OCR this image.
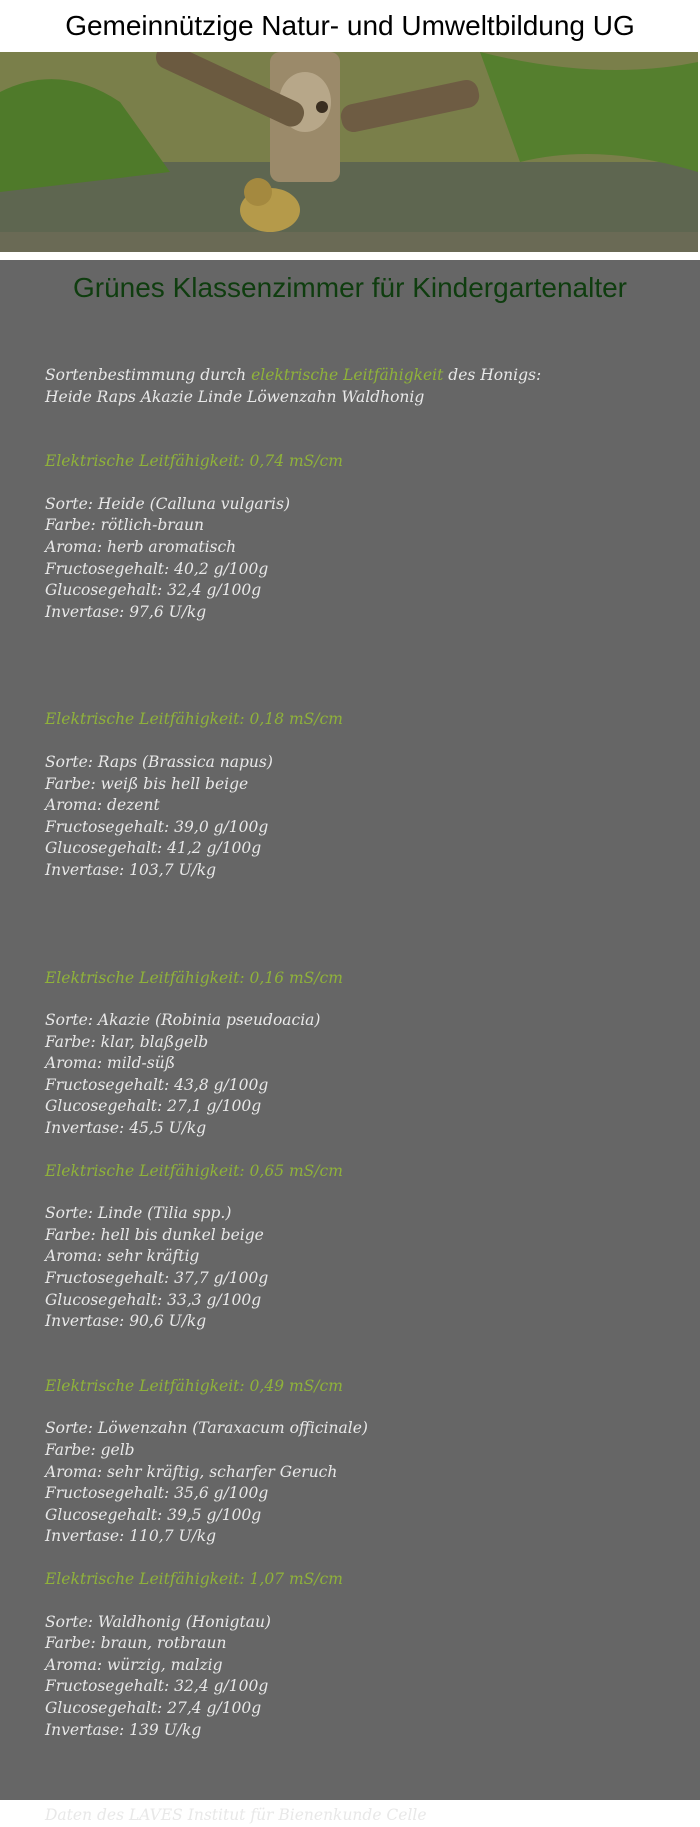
Gemeinnützige Natur- und Umweltbildung UG
Grünes Klassenzimmer für Kindergartenalter
Sortenbestimmung durch elektrische Leitfähigkeit des Honigs:
Heide Raps Akazie Linde Löwenzahn Waldhonig
Elektrische Leitfähigkeit: 0,74 mS/cm
Sorte: Heide (Calluna vulgaris)
Farbe: rötlich-braun
Aroma: herb aromatisch
Fructosegehalt: 40,2 g/100g
Glucosegehalt: 32,4 g/100g
Invertase: 97,6 U/kg
Elektrische Leitfähigkeit: 0,18 mS/cm
Sorte: Raps (Brassica napus)
Farbe: weiß bis hell beige
Aroma: dezent
Fructosegehalt: 39,0 g/100g
Glucosegehalt: 41,2 g/100g
Invertase: 103,7 U/kg
Elektrische Leitfähigkeit: 0,16 mS/cm
Sorte: Akazie (Robinia pseudoacia)
Farbe: klar, blaßgelb
Aroma: mild-süß
Fructosegehalt: 43,8 g/100g
Glucosegehalt: 27,1 g/100g
Invertase: 45,5 U/kg
Elektrische Leitfähigkeit: 0,65 mS/cm
Sorte: Linde (Tilia spp.)
Farbe: hell bis dunkel beige
Aroma: sehr kräftig
Fructosegehalt: 37,7 g/100g
Glucosegehalt: 33,3 g/100g
Invertase: 90,6 U/kg
Elektrische Leitfähigkeit: 0,49 mS/cm
Sorte: Löwenzahn (Taraxacum officinale)
Farbe: gelb
Aroma: sehr kräftig, scharfer Geruch
Fructosegehalt: 35,6 g/100g
Glucosegehalt: 39,5 g/100g
Invertase: 110,7 U/kg
Elektrische Leitfähigkeit: 1,07 mS/cm
Sorte: Waldhonig (Honigtau)
Farbe: braun, rotbraun
Aroma: würzig, malzig
Fructosegehalt: 32,4 g/100g
Glucosegehalt: 27,4 g/100g
Invertase: 139 U/kg
Daten des LAVES Institut für Bienenkunde Celle
